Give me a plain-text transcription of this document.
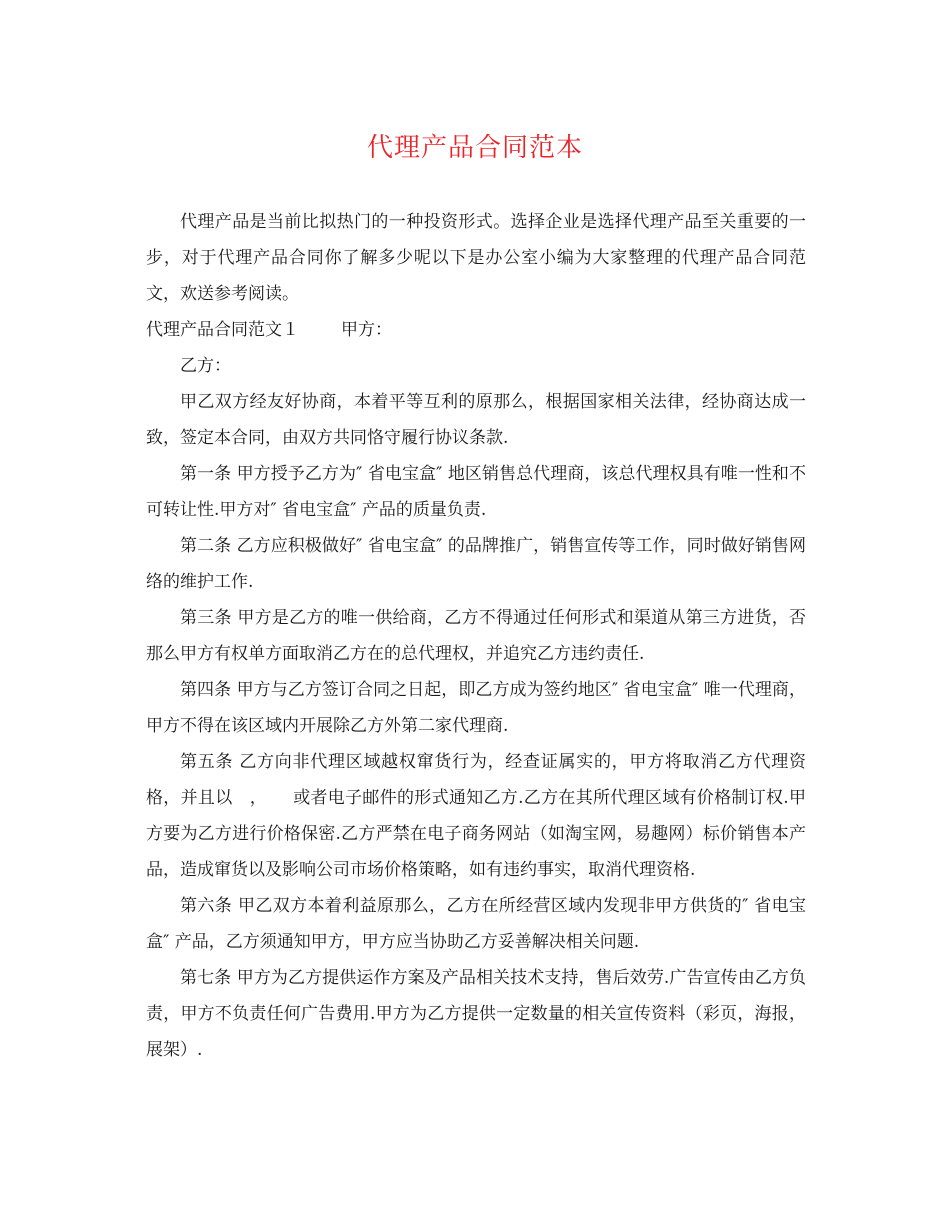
代理产品合同范本

代理产品是当前比拟热门的一种投资形式。选择企业是选择代理产品至关重要的一步，对于代理产品合同你了解多少呢以下是办公室小编为大家整理的代理产品合同范文，欢送参考阅读。

代理产品合同范文１ 甲方：

乙方：

甲乙双方经友好协商，本着平等互利的原那么，根据国家相关法律，经协商达成一致，签定本合同，由双方共同恪守履行协议条款.

第一条 甲方授予乙方为″ 省电宝盒″ 地区销售总代理商，该总代理权具有唯一性和不可转让性.甲方对″ 省电宝盒″ 产品的质量负责.

第二条 乙方应积极做好″ 省电宝盒″ 的品牌推广，销售宣传等工作，同时做好销售网络的维护工作.

第三条 甲方是乙方的唯一供给商，乙方不得通过任何形式和渠道从第三方进货，否那么甲方有权单方面取消乙方在的总代理权，并追究乙方违约责任.

第四条 甲方与乙方签订合同之日起，即乙方成为签约地区″ 省电宝盒″ 唯一代理商，甲方不得在该区域内开展除乙方外第二家代理商.

第五条 乙方向非代理区域越权窜货行为，经查证属实的，甲方将取消乙方代理资格，并且以　，　　或者电子邮件的形式通知乙方.乙方在其所代理区域有价格制订权.甲方要为乙方进行价格保密.乙方严禁在电子商务网站（如淘宝网，易趣网）标价销售本产品，造成窜货以及影响公司市场价格策略，如有违约事实，取消代理资格.

第六条 甲乙双方本着利益原那么，乙方在所经营区域内发现非甲方供货的″ 省电宝盒″ 产品，乙方须通知甲方，甲方应当协助乙方妥善解决相关问题.

第七条 甲方为乙方提供运作方案及产品相关技术支持，售后效劳.广告宣传由乙方负责，甲方不负责任何广告费用.甲方为乙方提供一定数量的相关宣传资料（彩页，海报，展架）.
